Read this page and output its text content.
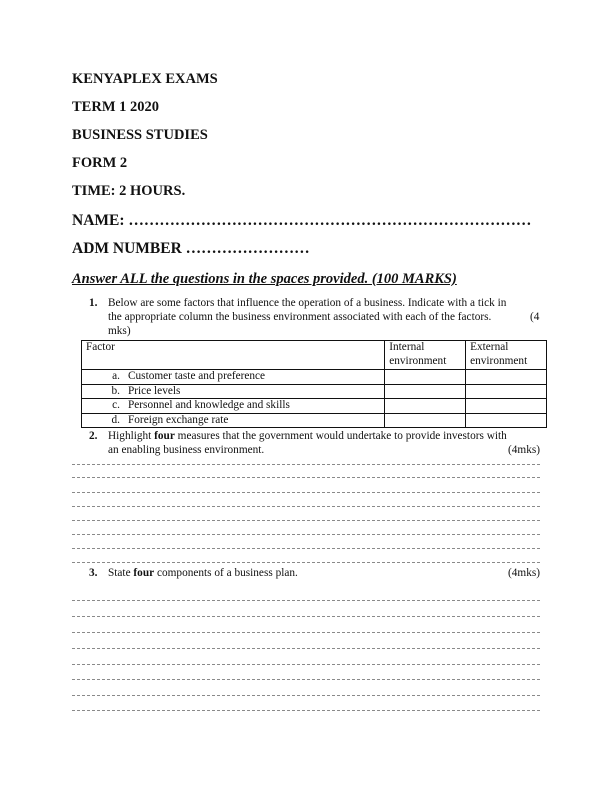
KENYAPLEX EXAMS
TERM 1 2020
BUSINESS STUDIES
FORM 2
TIME: 2 HOURS.
NAME: ……………………………………………………………………
ADM NUMBER ……………………
Answer ALL the questions in the spaces provided. (100 MARKS)
1. Below are some factors that influence the operation of a business. Indicate with a tick in
the appropriate column the business environment associated with each of the factors.	(4
mks)
Factor	Internal environment	External environment
a. Customer taste and preference		
b. Price levels		
c. Personnel and knowledge and skills		
d. Foreign exchange rate		
2. Highlight four measures that the government would undertake to provide investors with
an enabling business environment.	(4mks)
3. State four components of a business plan.	(4mks)
